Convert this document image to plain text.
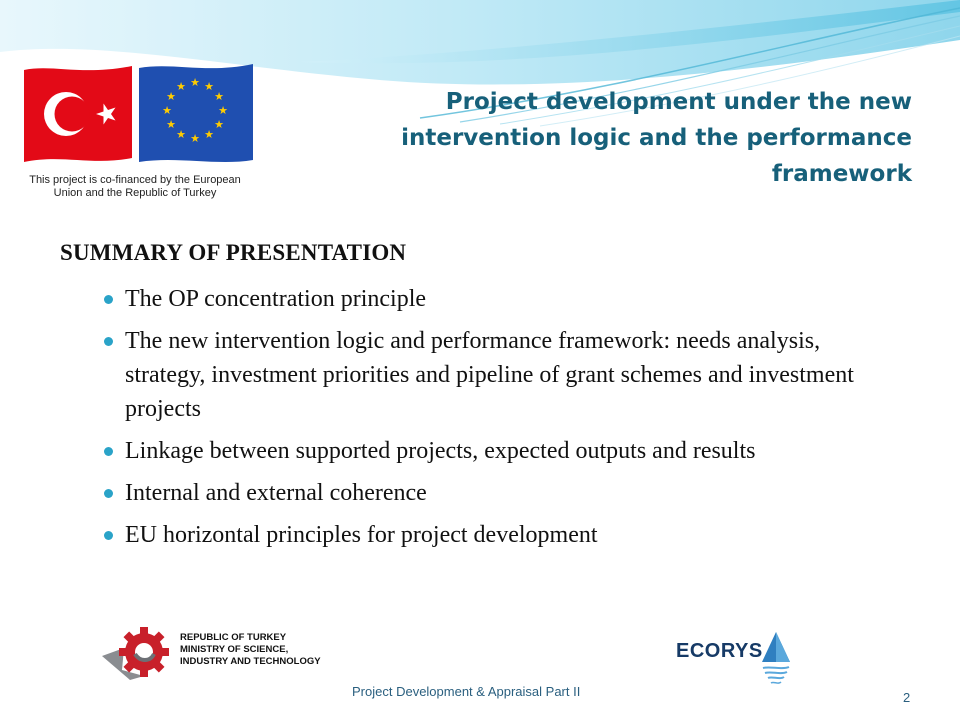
★ ★
★
★
★
★
★
★
★
★
★
★
This project is co-financed by the European
Union and the Republic of Turkey
Project development under the new intervention logic and the performance framework
SUMMARY OF PRESENTATION
The OP concentration principle
The new intervention logic and performance framework: needs analysis, strategy, investment priorities and pipeline of grant schemes and investment projects
Linkage between supported projects, expected outputs and results
Internal and external coherence
EU horizontal principles for project development
REPUBLIC OF TURKEY
MINISTRY OF SCIENCE,
INDUSTRY AND TECHNOLOGY	ECORYS
Project Development & Appraisal Part II	2
